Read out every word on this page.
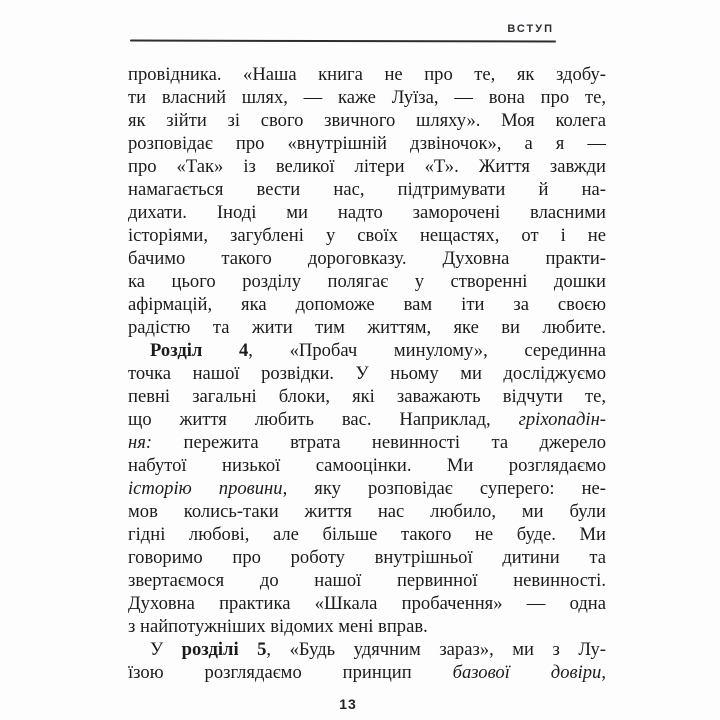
ВСТУП
провідника. «Наша книга не про те, як здобу-
ти власний шлях, — каже Луїза, — вона про те,
як зійти зі свого звичного шляху». Моя колега
розповідає про «внутрішній дзвіночок», а я —
про «Так» із великої літери «Т». Життя завжди
намагається вести нас, підтримувати й на-
дихати. Іноді ми надто заморочені власними
історіями, загублені у своїх нещастях, от і не
бачимо такого дороговказу. Духовна практи-
ка цього розділу полягає у створенні дошки
афірмацій, яка допоможе вам іти за своєю
радістю та жити тим життям, яке ви любите.
Розділ 4, «Пробач минулому», серединна
точка нашої розвідки. У ньому ми досліджуємо
певні загальні блоки, які заважають відчути те,
що життя любить вас. Наприклад, гріхопадін-
ня: пережита втрата невинності та джерело
набутої низької самооцінки. Ми розглядаємо
історію провини, яку розповідає суперего: не-
мов колись-таки життя нас любило, ми були
гідні любові, але більше такого не буде. Ми
говоримо про роботу внутрішньої дитини та
звертаємося до нашої первинної невинності.
Духовна практика «Шкала пробачення» — одна
з найпотужніших відомих мені вправ.
У розділі 5, «Будь удячним зараз», ми з Лу-
їзою розглядаємо принцип базової довіри,
13
